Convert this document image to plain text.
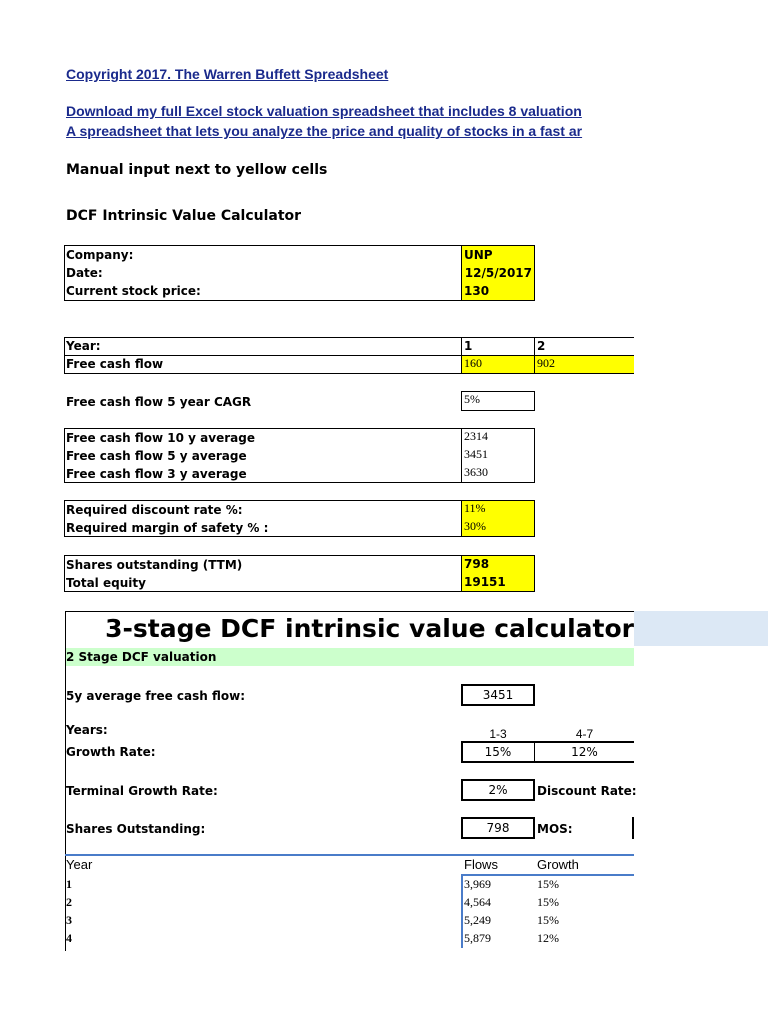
Copyright 2017. The Warren Buffett Spreadsheet
Download my full Excel stock valuation spreadsheet that includes 8 valuation
A spreadsheet that lets you analyze the price and quality of stocks in a fast ar
Manual input next to yellow cells
DCF Intrinsic Value Calculator
Company:	UNP
Date:	12/5/2017
Current stock price:	130
Year:	1	2
Free cash flow	160	902
Free cash flow 5 year CAGR	5%
Free cash flow 10 y average	2314
Free cash flow 5 y average	3451
Free cash flow 3 y average	3630
Required discount rate %:	11%
Required margin of safety % :	30%
Shares outstanding (TTM)	798
Total equity	19151
3-stage DCF intrinsic value calculator
2 Stage DCF valuation
5y average free cash flow:	3451
Years:	1-3	4-7
Growth Rate:	15%	12%
Terminal Growth Rate:	2%	Discount Rate:
Shares Outstanding:	798	MOS:
Year	Flows	Growth
1	3,969	15%
2	4,564	15%
3	5,249	15%
4	5,879	12%
